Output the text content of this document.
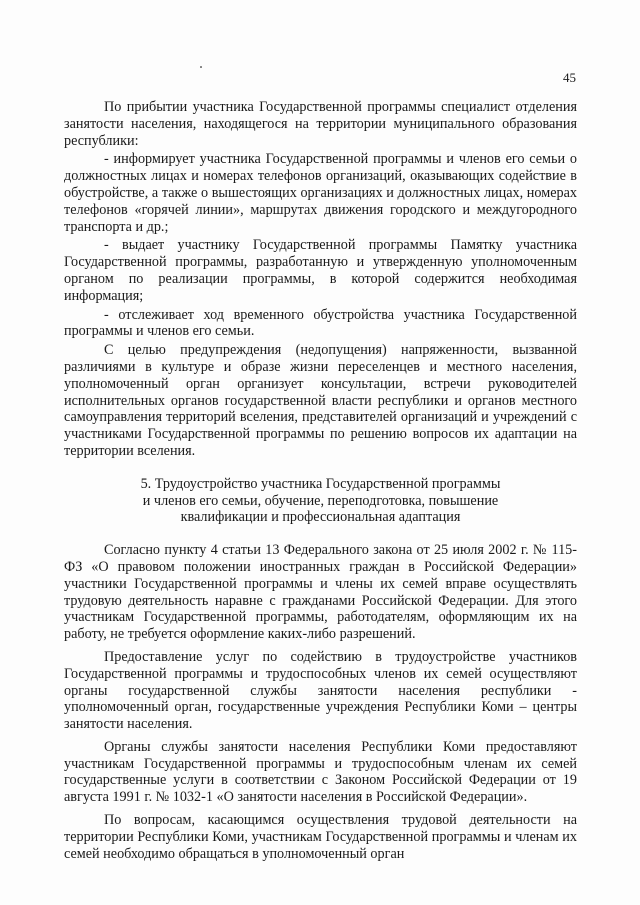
45

По прибытии участника Государственной программы специалист отделения занятости населения, находящегося на территории муниципального образования республики:

- информирует участника Государственной программы и членов его семьи о должностных лицах и номерах телефонов организаций, оказывающих содействие в обустройстве, а также о вышестоящих организациях и должностных лицах, номерах телефонов «горячей линии», маршрутах движения городского и междугородного транспорта и др.;

- выдает участнику Государственной программы Памятку участника Государственной программы, разработанную и утвержденную уполномоченным органом по реализации программы, в которой содержится необходимая информация;

- отслеживает ход временного обустройства участника Государственной программы и членов его семьи.

С целью предупреждения (недопущения) напряженности, вызванной различиями в культуре и образе жизни переселенцев и местного населения, уполномоченный орган организует консультации, встречи руководителей исполнительных органов государственной власти республики и органов местного самоуправления территорий вселения, представителей организаций и учреждений с участниками Государственной программы по решению вопросов их адаптации на территории вселения.

5. Трудоустройство участника Государственной программы
и членов его семьи, обучение, переподготовка, повышение
квалификации и профессиональная адаптация

Согласно пункту 4 статьи 13 Федерального закона от 25 июля 2002 г. № 115-ФЗ «О правовом положении иностранных граждан в Российской Федерации» участники Государственной программы и члены их семей вправе осуществлять трудовую деятельность наравне с гражданами Российской Федерации. Для этого участникам Государственной программы, работодателям, оформляющим их на работу, не требуется оформление каких-либо разрешений.

Предоставление услуг по содействию в трудоустройстве участников Государственной программы и трудоспособных членов их семей осуществляют органы государственной службы занятости населения республики - уполномоченный орган, государственные учреждения Республики Коми – центры занятости населения.

Органы службы занятости населения Республики Коми предоставляют участникам Государственной программы и трудоспособным членам их семей государственные услуги в соответствии с Законом Российской Федерации от 19 августа 1991 г. № 1032-1 «О занятости населения в Российской Федерации».

По вопросам, касающимся осуществления трудовой деятельности на территории Республики Коми, участникам Государственной программы и членам их семей необходимо обращаться в уполномоченный орган
